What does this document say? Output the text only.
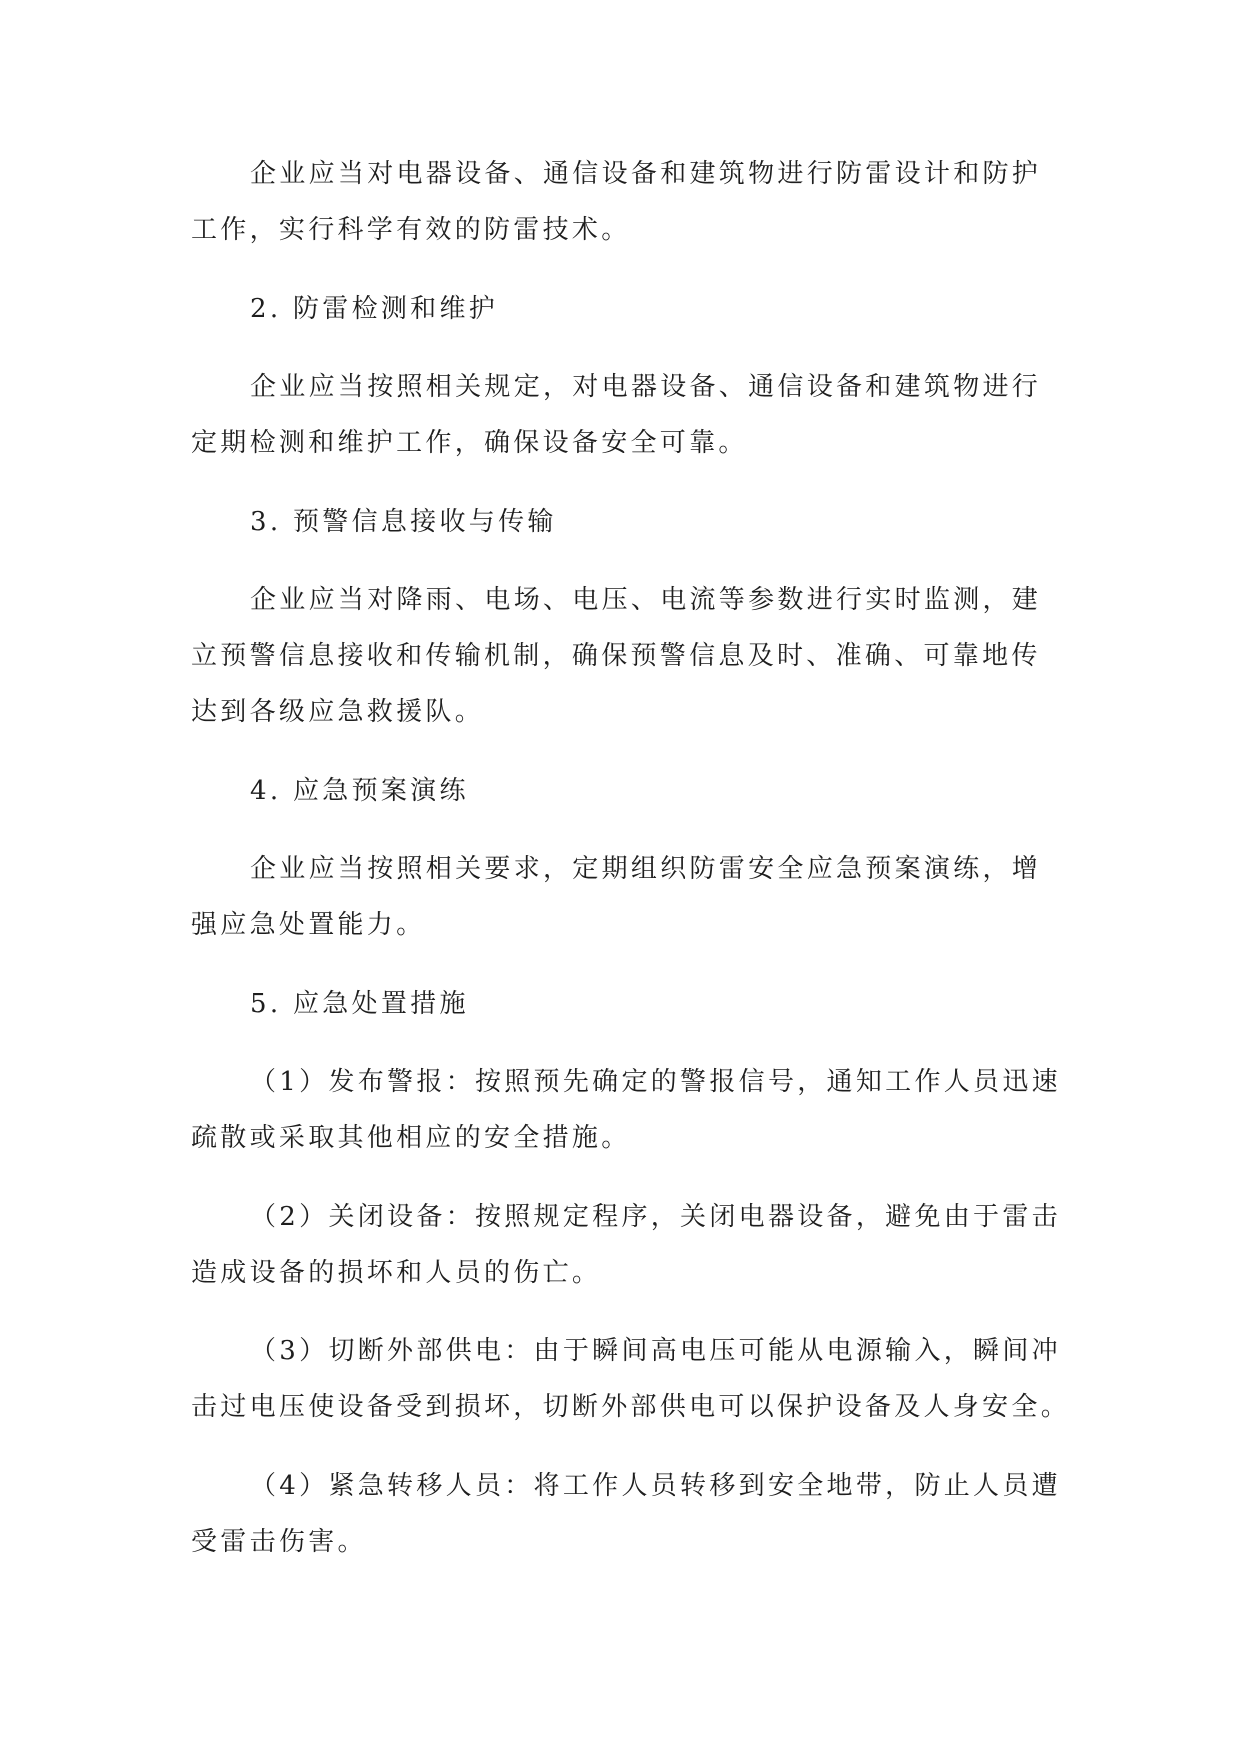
企业应当对电器设备、通信设备和建筑物进行防雷设计和防护
工作，实行科学有效的防雷技术。
2. 防雷检测和维护
企业应当按照相关规定，对电器设备、通信设备和建筑物进行
定期检测和维护工作，确保设备安全可靠。
3. 预警信息接收与传输
企业应当对降雨、电场、电压、电流等参数进行实时监测，建
立预警信息接收和传输机制，确保预警信息及时、准确、可靠地传
达到各级应急救援队。
4. 应急预案演练
企业应当按照相关要求，定期组织防雷安全应急预案演练，增
强应急处置能力。
5. 应急处置措施
（1）发布警报：按照预先确定的警报信号，通知工作人员迅速
疏散或采取其他相应的安全措施。
（2）关闭设备：按照规定程序，关闭电器设备，避免由于雷击
造成设备的损坏和人员的伤亡。
（3）切断外部供电：由于瞬间高电压可能从电源输入，瞬间冲
击过电压使设备受到损坏，切断外部供电可以保护设备及人身安全。
（4）紧急转移人员：将工作人员转移到安全地带，防止人员遭
受雷击伤害。
